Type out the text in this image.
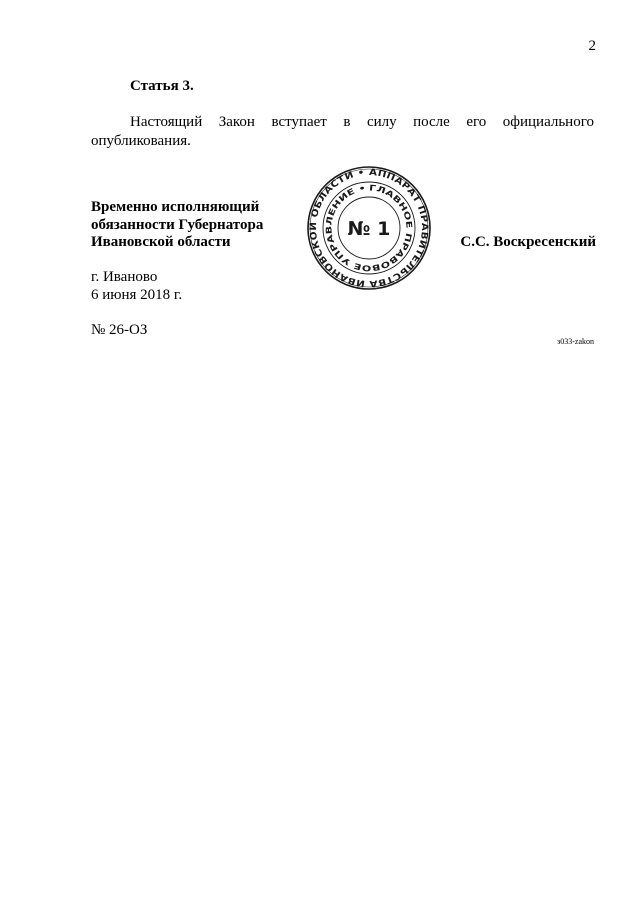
2
Статья 3.

Настоящий Закон вступает в силу после его официального опубликования.

Временно исполняющий
обязанности Губернатора
Ивановской области
АППАРАТ ПРАВИТЕЛЬСТВА ИВАНОВСКОЙ ОБЛАСТИ •
ГЛАВНОЕ ПРАВОВОЕ УПРАВЛЕНИЕ •
№ 1
С.С. Воскресенский
г. Иваново
6 июня 2018 г.
№ 26-ОЗ
з033-zakon
